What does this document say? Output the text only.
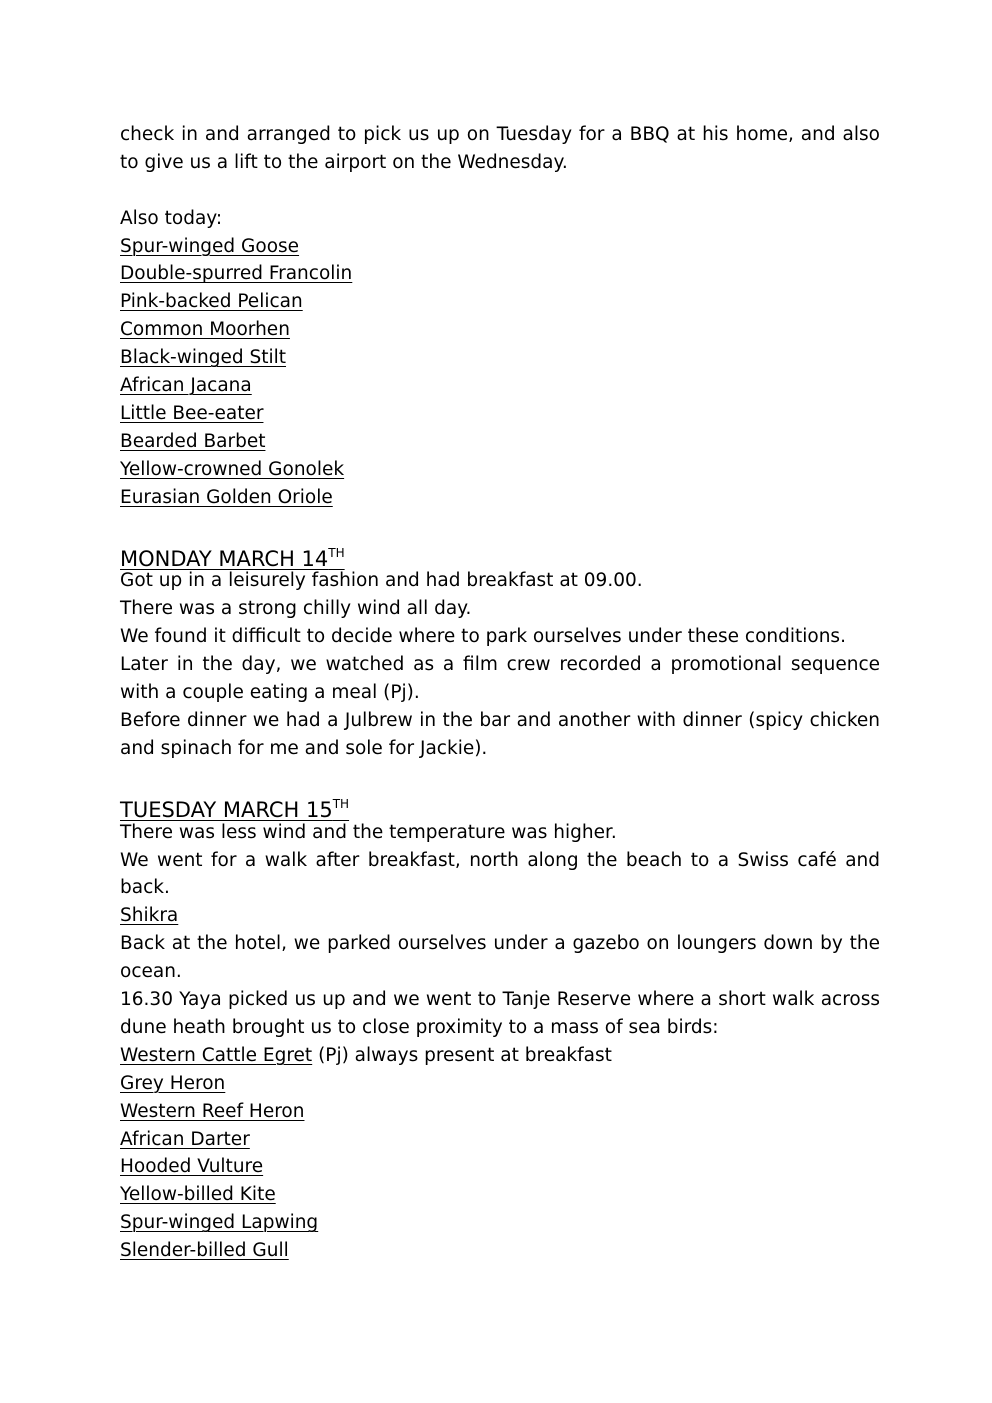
check in and arranged to pick us up on Tuesday for a BBQ at his home, and also to give us a lift to the airport on the Wednesday.

Also today:

Spur-winged Goose

Double-spurred Francolin

Pink-backed Pelican

Common Moorhen

Black-winged Stilt

African Jacana

Little Bee-eater

Bearded Barbet

Yellow-crowned Gonolek

Eurasian Golden Oriole

MONDAY MARCH 14TH

Got up in a leisurely fashion and had breakfast at 09.00.

There was a strong chilly wind all day.

We found it difficult to decide where to park ourselves under these conditions.

Later in the day, we watched as a film crew recorded a promotional sequence with a couple eating a meal (Pj).

Before dinner we had a Julbrew in the bar and another with dinner (spicy chicken and spinach for me and sole for Jackie).

TUESDAY MARCH 15TH

There was less wind and the temperature was higher.

We went for a walk after breakfast, north along the beach to a Swiss café and back.

Shikra

Back at the hotel, we parked ourselves under a gazebo on loungers down by the ocean.

16.30 Yaya picked us up and we went to Tanje Reserve where a short walk across dune heath brought us to close proximity to a mass of sea birds:

Western Cattle Egret (Pj) always present at breakfast

Grey Heron

Western Reef Heron

African Darter

Hooded Vulture

Yellow-billed Kite

Spur-winged Lapwing

Slender-billed Gull
